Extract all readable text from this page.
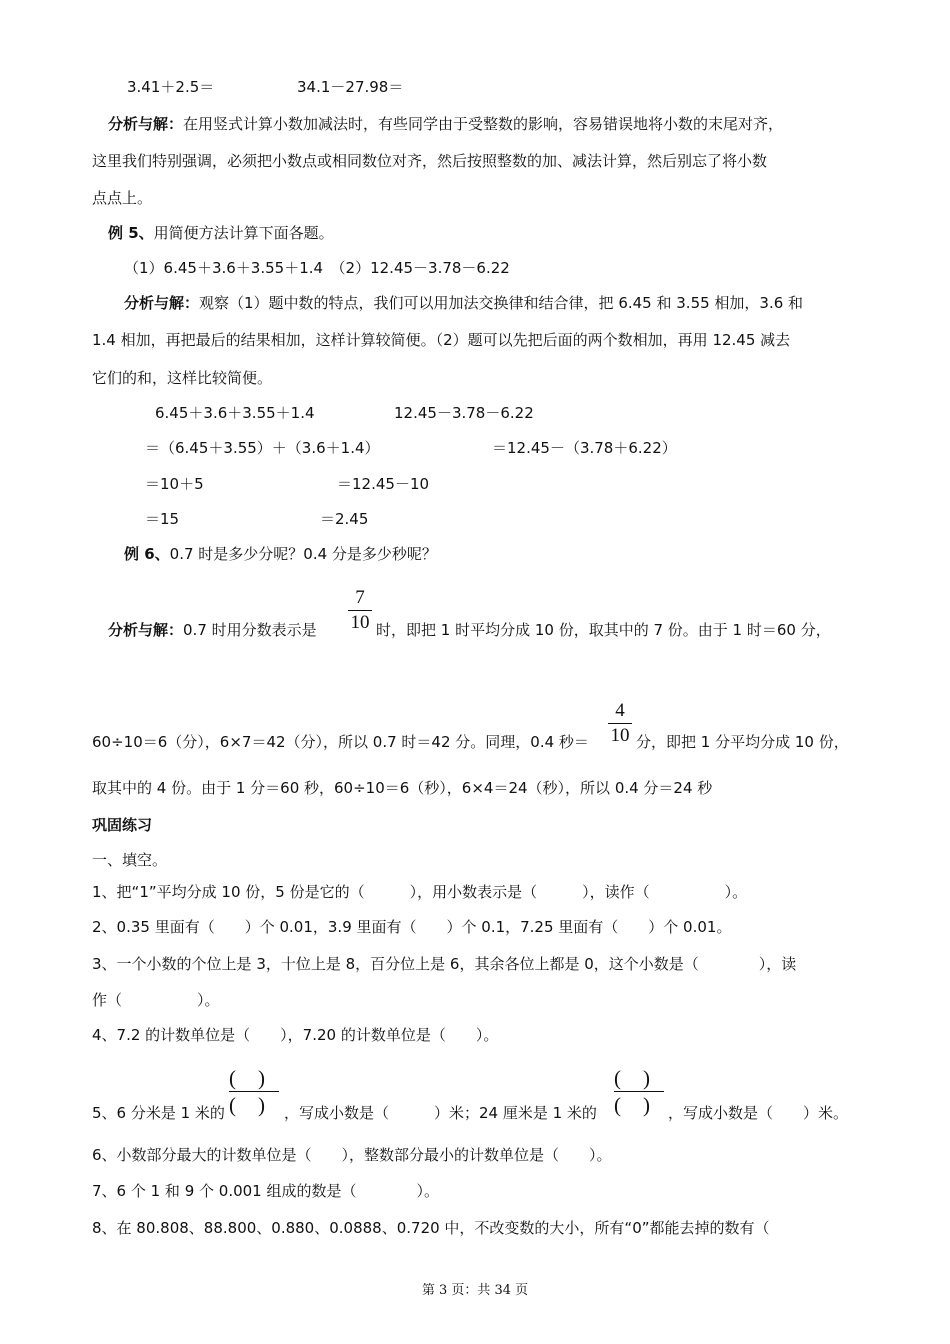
3.41＋2.5＝	34.1－27.98＝
分析与解：在用竖式计算小数加减法时，有些同学由于受整数的影响，容易错误地将小数的末尾对齐，
这里我们特别强调，必须把小数点或相同数位对齐，然后按照整数的加、减法计算，然后别忘了将小数
点点上。
例 5、用简便方法计算下面各题。
（1）6.45＋3.6＋3.55＋1.4　（2）12.45－3.78－6.22
分析与解：观察（1）题中数的特点，我们可以用加法交换律和结合律，把 6.45 和 3.55 相加，3.6 和
1.4 相加，再把最后的结果相加，这样计算较简便。（2）题可以先把后面的两个数相加，再用 12.45 减去
它们的和，这样比较简便。
6.45＋3.6＋3.55＋1.4	12.45－3.78－6.22
＝（6.45＋3.55）＋（3.6＋1.4）	＝12.45－（3.78＋6.22）
＝10＋5	＝12.45－10
＝15	＝2.45
例 6、0.7 时是多少分呢？0.4 分是多少秒呢？
分析与解：0.7 时用分数表示是
7
10 时，即把 1 时平均分成 10 份，取其中的 7 份。由于 1 时＝60 分，
60÷10＝6（分），6×7＝42（分），所以 0.7 时＝42 分。同理，0.4 秒＝
4
10 分，即把 1 分平均分成 10 份，
取其中的 4 份。由于 1 分＝60 秒，60÷10＝6（秒），6×4＝24（秒），所以 0.4 分＝24 秒
巩固练习
一、填空。
1、把“1”平均分成 10 份，5 份是它的（　　　），用小数表示是（　　　），读作（　　　　　）。
2、0.35 里面有（　　）个 0.01，3.9 里面有（　　）个 0.1，7.25 里面有（　　）个 0.01。
3、一个小数的个位上是 3，十位上是 8，百分位上是 6，其余各位上都是 0，这个小数是（　　　　），读
作（　　　　　）。
4、7.2 的计数单位是（　　），7.20 的计数单位是（　　）。
5、6 分米是 1 米的
()
()
，写成小数是（　　　）米；24 厘米是 1 米的
()
()
，写成小数是（　　）米。
6、小数部分最大的计数单位是（　　），整数部分最小的计数单位是（　　）。
7、6 个 1 和 9 个 0.001 组成的数是（　　　　）。
8、在 80.808、88.800、0.880、0.0888、0.720 中，不改变数的大小，所有“0”都能去掉的数有（
第 3 页：共 34 页
